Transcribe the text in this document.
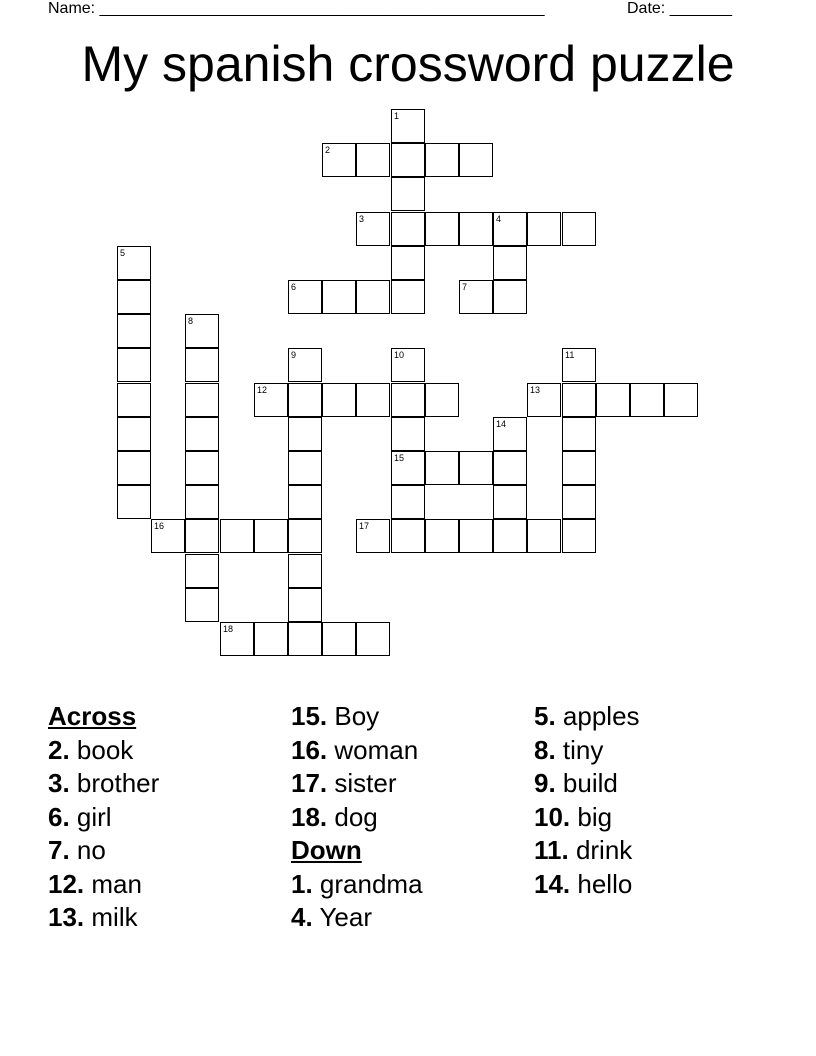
Name: __________________________________________________

	Date: _______

My spanish crossword puzzle
1
2
3	4
5
6	7
8
9	10	11
12	13
14
15
16	17
18
Across
2. book
3. brother
6. girl
7. no
12. man
13. milk
15. Boy
16. woman
17. sister
18. dog
Down
1. grandma
4. Year
5. apples
8. tiny
9. build
10. big
11. drink
14. hello
